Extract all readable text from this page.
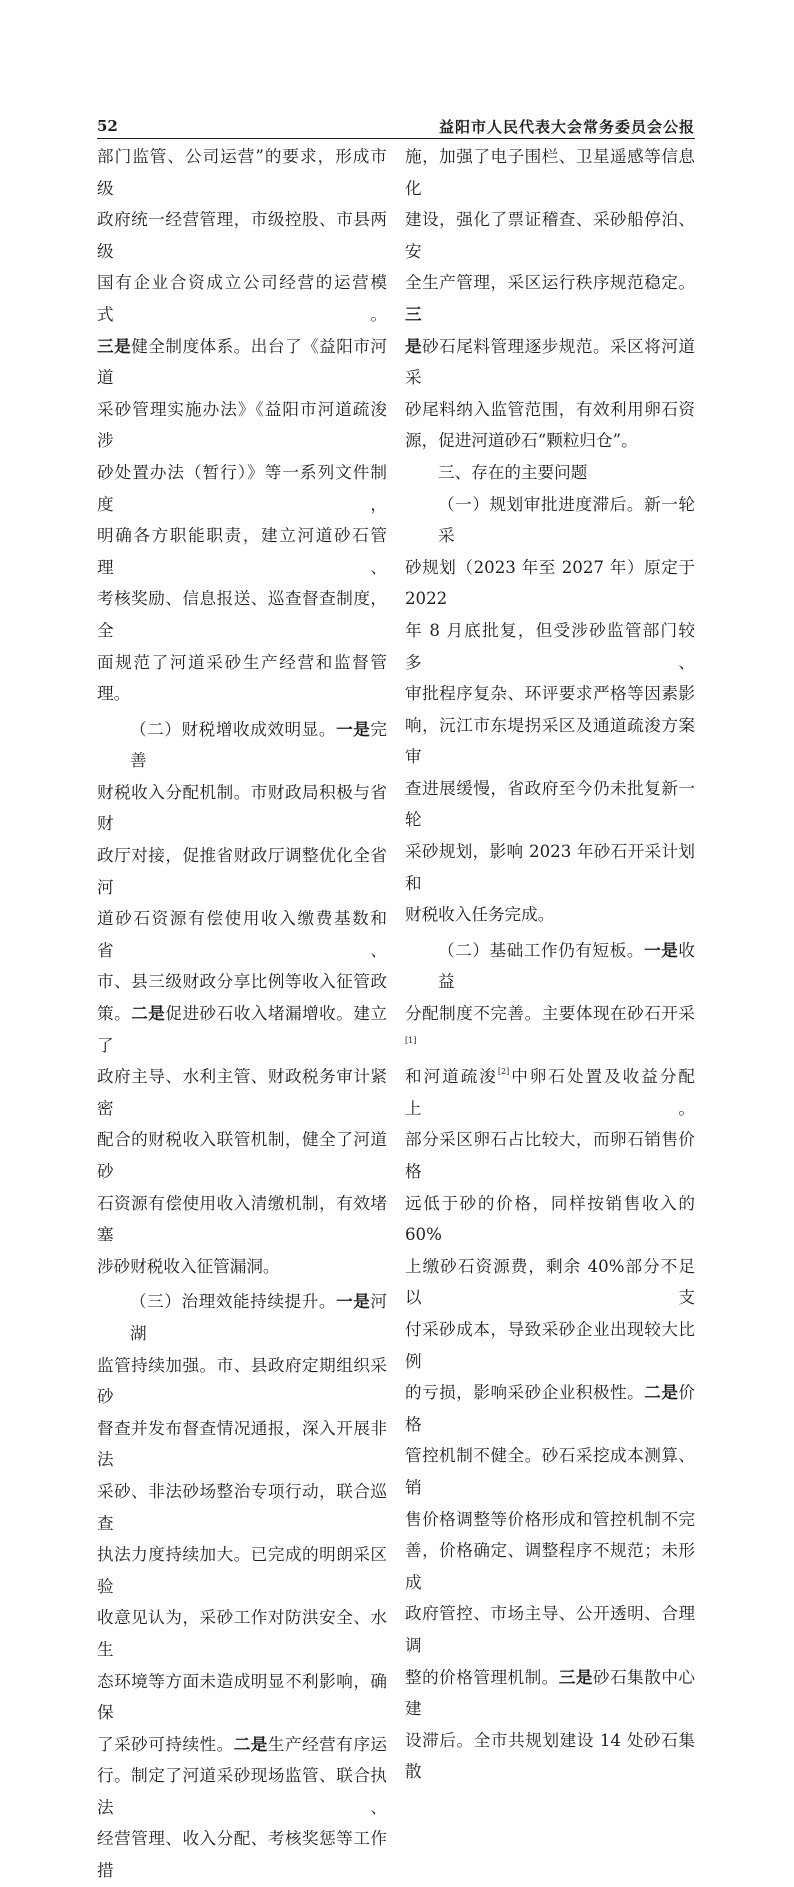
52	益阳市人民代表大会常务委员会公报

部门监管、公司运营”的要求，形成市级

政府统一经营管理，市级控股、市县两级

国有企业合资成立公司经营的运营模式。

三是健全制度体系。出台了《益阳市河道

采砂管理实施办法》《益阳市河道疏浚涉

砂处置办法（暂行）》等一系列文件制度，

明确各方职能职责，建立河道砂石管理、

考核奖励、信息报送、巡查督查制度，全

面规范了河道采砂生产经营和监督管理。

（二）财税增收成效明显。一是完善

财税收入分配机制。市财政局积极与省财

政厅对接，促推省财政厅调整优化全省河

道砂石资源有偿使用收入缴费基数和省、

市、县三级财政分享比例等收入征管政

策。二是促进砂石收入堵漏增收。建立了

政府主导、水利主管、财政税务审计紧密

配合的财税收入联管机制，健全了河道砂

石资源有偿使用收入清缴机制，有效堵塞

涉砂财税收入征管漏洞。

（三）治理效能持续提升。一是河湖

监管持续加强。市、县政府定期组织采砂

督查并发布督查情况通报，深入开展非法

采砂、非法砂场整治专项行动，联合巡查

执法力度持续加大。已完成的明朗采区验

收意见认为，采砂工作对防洪安全、水生

态环境等方面未造成明显不利影响，确保

了采砂可持续性。二是生产经营有序运

行。制定了河道采砂现场监管、联合执法、

经营管理、收入分配、考核奖惩等工作措

施，加强了电子围栏、卫星遥感等信息化

建设，强化了票证稽查、采砂船停泊、安

全生产管理，采区运行秩序规范稳定。三

是砂石尾料管理逐步规范。采区将河道采

砂尾料纳入监管范围，有效利用卵石资

源，促进河道砂石“颗粒归仓”。

三、存在的主要问题

（一）规划审批进度滞后。新一轮采

砂规划（2023 年至 2027 年）原定于 2022

年 8 月底批复，但受涉砂监管部门较多、

审批程序复杂、环评要求严格等因素影

响，沅江市东堤拐采区及通道疏浚方案审

查进展缓慢，省政府至今仍未批复新一轮

采砂规划，影响 2023 年砂石开采计划和

财税收入任务完成。

（二）基础工作仍有短板。一是收益

分配制度不完善。主要体现在砂石开采[1]

和河道疏浚[2]中卵石处置及收益分配上。

部分采区卵石占比较大，而卵石销售价格

远低于砂的价格，同样按销售收入的 60%

上缴砂石资源费，剩余 40%部分不足以支

付采砂成本，导致采砂企业出现较大比例

的亏损，影响采砂企业积极性。二是价格

管控机制不健全。砂石采挖成本测算、销

售价格调整等价格形成和管控机制不完

善，价格确定、调整程序不规范；未形成

政府管控、市场主导、公开透明、合理调

整的价格管理机制。三是砂石集散中心建

设滞后。全市共规划建设 14 处砂石集散
